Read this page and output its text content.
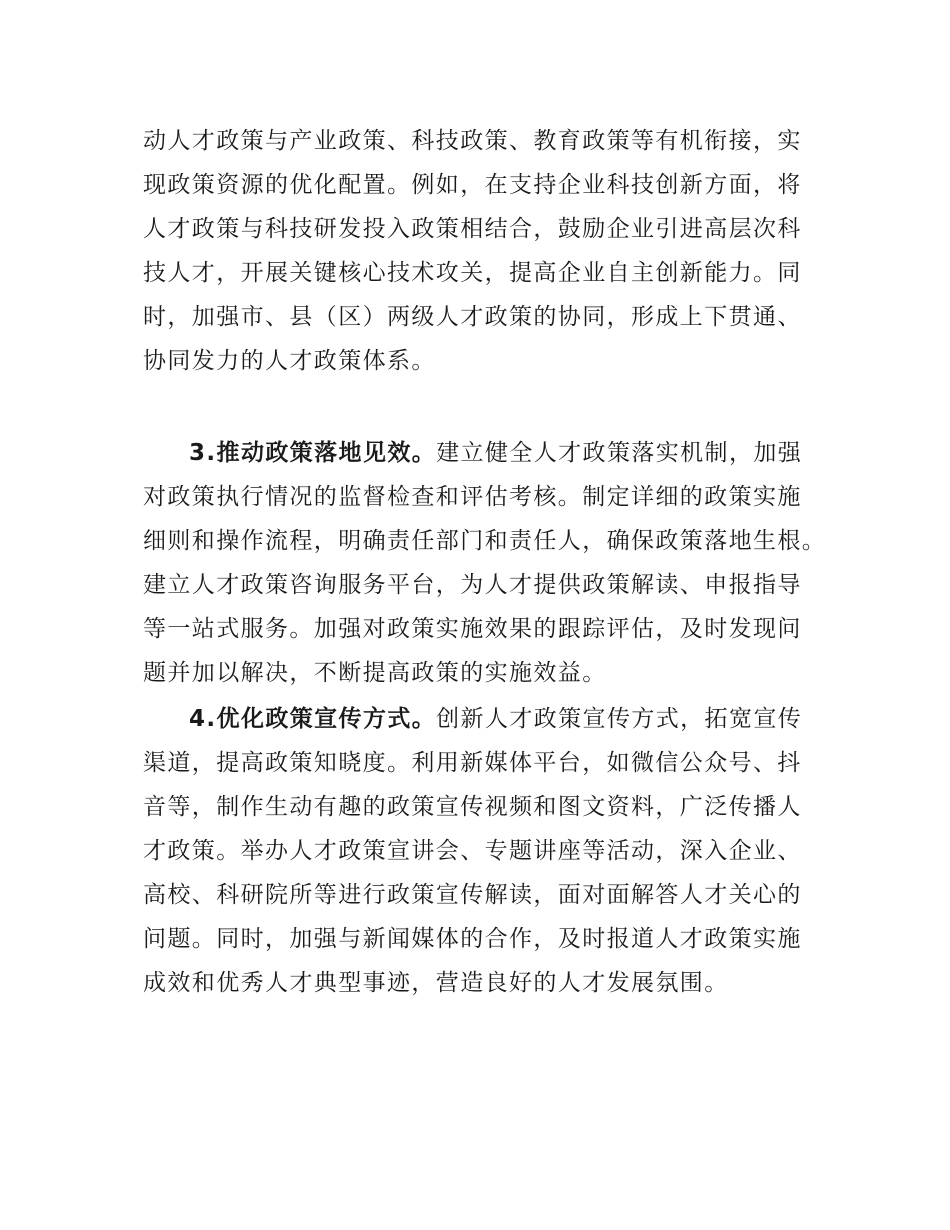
动人才政策与产业政策、科技政策、教育政策等有机衔接，实
现政策资源的优化配置。例如，在支持企业科技创新方面，将
人才政策与科技研发投入政策相结合，鼓励企业引进高层次科
技人才，开展关键核心技术攻关，提高企业自主创新能力。同
时，加强市、县（区）两级人才政策的协同，形成上下贯通、
协同发力的人才政策体系。
3.推动政策落地见效。建立健全人才政策落实机制，加强
对政策执行情况的监督检查和评估考核。制定详细的政策实施
细则和操作流程，明确责任部门和责任人，确保政策落地生根。
建立人才政策咨询服务平台，为人才提供政策解读、申报指导
等一站式服务。加强对政策实施效果的跟踪评估，及时发现问
题并加以解决，不断提高政策的实施效益。
4.优化政策宣传方式。创新人才政策宣传方式，拓宽宣传
渠道，提高政策知晓度。利用新媒体平台，如微信公众号、抖
音等，制作生动有趣的政策宣传视频和图文资料，广泛传播人
才政策。举办人才政策宣讲会、专题讲座等活动，深入企业、
高校、科研院所等进行政策宣传解读，面对面解答人才关心的
问题。同时，加强与新闻媒体的合作，及时报道人才政策实施
成效和优秀人才典型事迹，营造良好的人才发展氛围。
